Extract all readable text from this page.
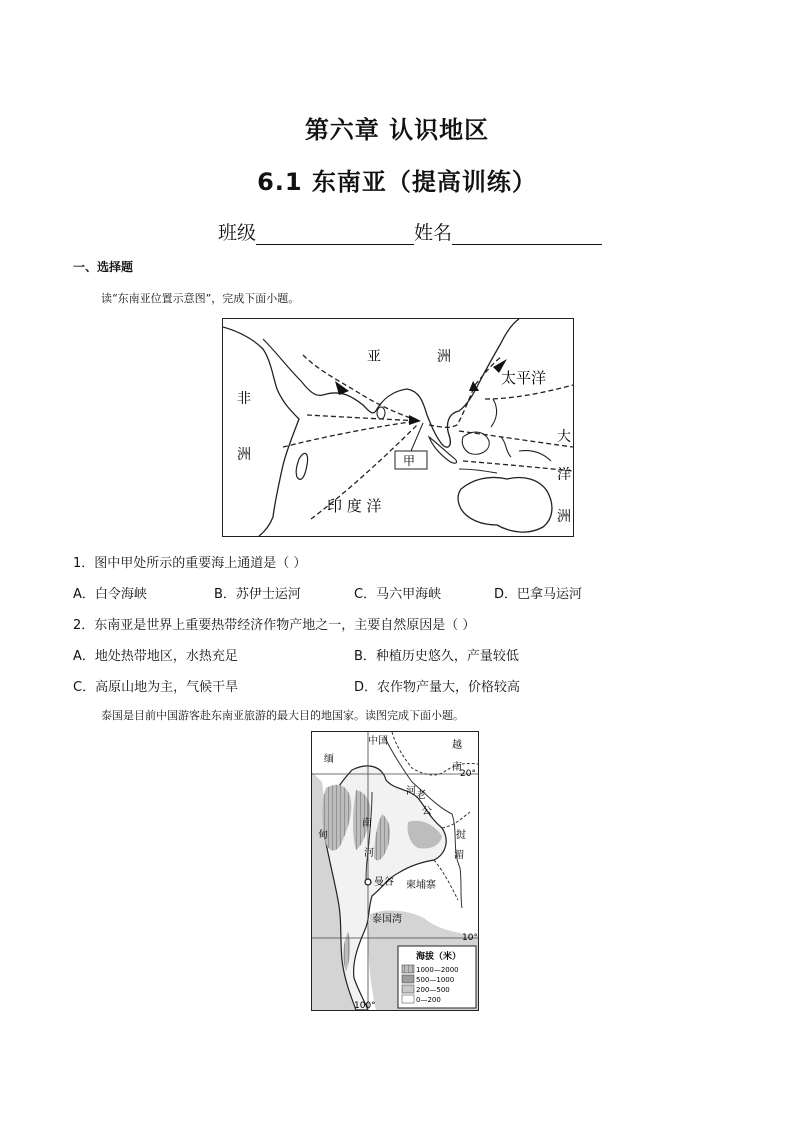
第六章 认识地区
6.1 东南亚（提高训练）
班级	姓名
一、选择题
读“东南亚位置示意图”，完成下面小题。
亚	洲
非
洲
太平洋
大
洋
洲
印 度 洋
甲
1．图中甲处所示的重要海上通道是（ ）
A．白令海峡	B．苏伊士运河	C．马六甲海峡	D．巴拿马运河
2．东南亚是世界上重要热带经济作物产地之一，主要自然原因是（ ）
A．地处热带地区，水热充足	B．种植历史悠久，产量较低
C．高原山地为主，气候干旱	D．农作物产量大，价格较高
泰国是目前中国游客赴东南亚旅游的最大目的地国家。读图完成下面小题。
缅
甸
中国	越
南
老
挝
河
湄
公
南
河
曼谷 柬埔寨
泰国湾
20°
10°
100°
海拔（米）
1000—2000
500—1000
200—500
0—200
